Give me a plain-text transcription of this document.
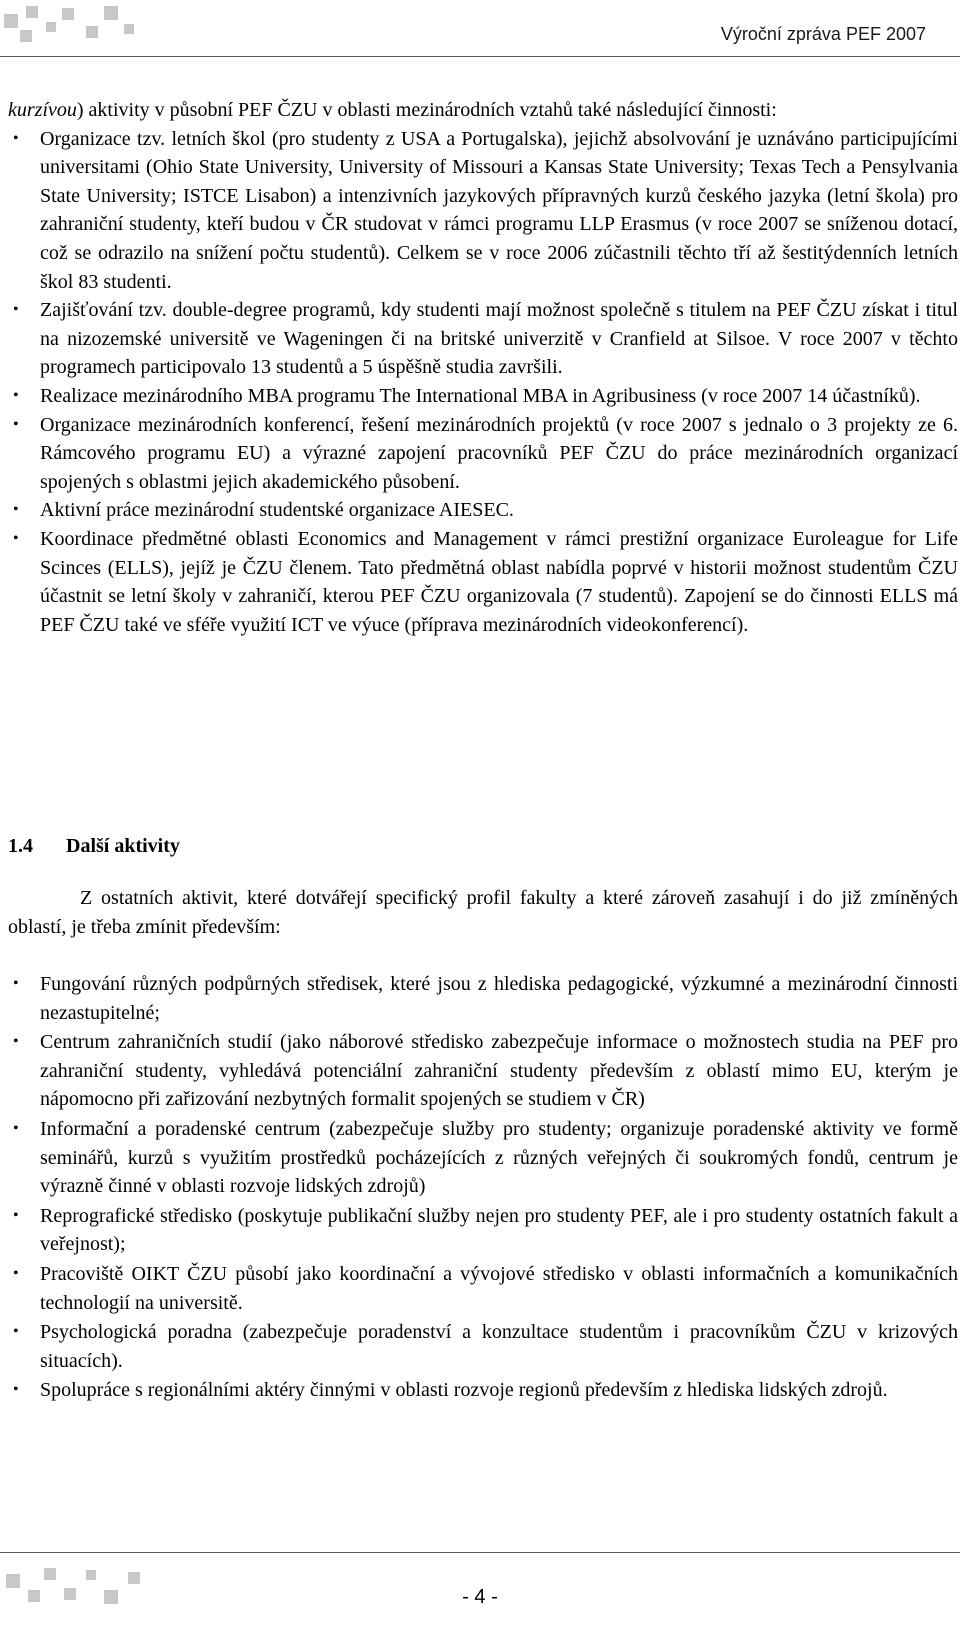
Výroční zpráva PEF 2007

kurzívou) aktivity v působní PEF ČZU v oblasti mezinárodních vztahů také následující činnosti:

• Organizace tzv. letních škol (pro studenty z USA a Portugalska), jejichž absolvování je uznáváno participujícími universitami (Ohio State University, University of Missouri a Kansas State University; Texas Tech a Pensylvania State University; ISTCE Lisabon) a intenzivních jazykových přípravných kurzů českého jazyka (letní škola) pro zahraniční studenty, kteří budou v ČR studovat v rámci programu LLP Erasmus (v roce 2007 se sníženou dotací, což se odrazilo na snížení počtu studentů). Celkem se v roce 2006 zúčastnili těchto tří až šestitýdenních letních škol 83 studenti.
• Zajišťování tzv. double-degree programů, kdy studenti mají možnost společně s titulem na PEF ČZU získat i titul na nizozemské universitě ve Wageningen či na britské univerzitě v Cranfield at Silsoe. V roce 2007 v těchto programech participovalo 13 studentů a 5 úspěšně studia završili.
• Realizace mezinárodního MBA programu The International MBA in Agribusiness (v roce 2007 14 účastníků).
• Organizace mezinárodních konferencí, řešení mezinárodních projektů (v roce 2007 s jednalo o 3 projekty ze 6. Rámcového programu EU) a výrazné zapojení pracovníků PEF ČZU do práce mezinárodních organizací spojených s oblastmi jejich akademického působení.
• Aktivní práce mezinárodní studentské organizace AIESEC.
• Koordinace předmětné oblasti Economics and Management v rámci prestižní organizace Euroleague for Life Scinces (ELLS), jejíž je ČZU členem. Tato předmětná oblast nabídla poprvé v historii možnost studentům ČZU účastnit se letní školy v zahraničí, kterou PEF ČZU organizovala (7 studentů). Zapojení se do činnosti ELLS má PEF ČZU také ve sféře využití ICT ve výuce (příprava mezinárodních videokonferencí).
1.4 Další aktivity

Z ostatních aktivit, které dotvářejí specifický profil fakulty a které zároveň zasahují i do již zmíněných oblastí, je třeba zmínit především:

• Fungování různých podpůrných středisek, které jsou z hlediska pedagogické, výzkumné a mezinárodní činnosti nezastupitelné;
• Centrum zahraničních studií (jako náborové středisko zabezpečuje informace o možnostech studia na PEF pro zahraniční studenty, vyhledává potenciální zahraniční studenty především z oblastí mimo EU, kterým je nápomocno při zařizování nezbytných formalit spojených se studiem v ČR)
• Informační a poradenské centrum (zabezpečuje služby pro studenty; organizuje poradenské aktivity ve formě seminářů, kurzů s využitím prostředků pocházejících z různých veřejných či soukromých fondů, centrum je výrazně činné v oblasti rozvoje lidských zdrojů)
• Reprografické středisko (poskytuje publikační služby nejen pro studenty PEF, ale i pro studenty ostatních fakult a veřejnost);
• Pracoviště OIKT ČZU působí jako koordinační a vývojové středisko v oblasti informačních a komunikačních technologií na universitě.
• Psychologická poradna (zabezpečuje poradenství a konzultace studentům i pracovníkům ČZU v krizových situacích).
• Spolupráce s regionálními aktéry činnými v oblasti rozvoje regionů především z hlediska lidských zdrojů.
- 4 -
